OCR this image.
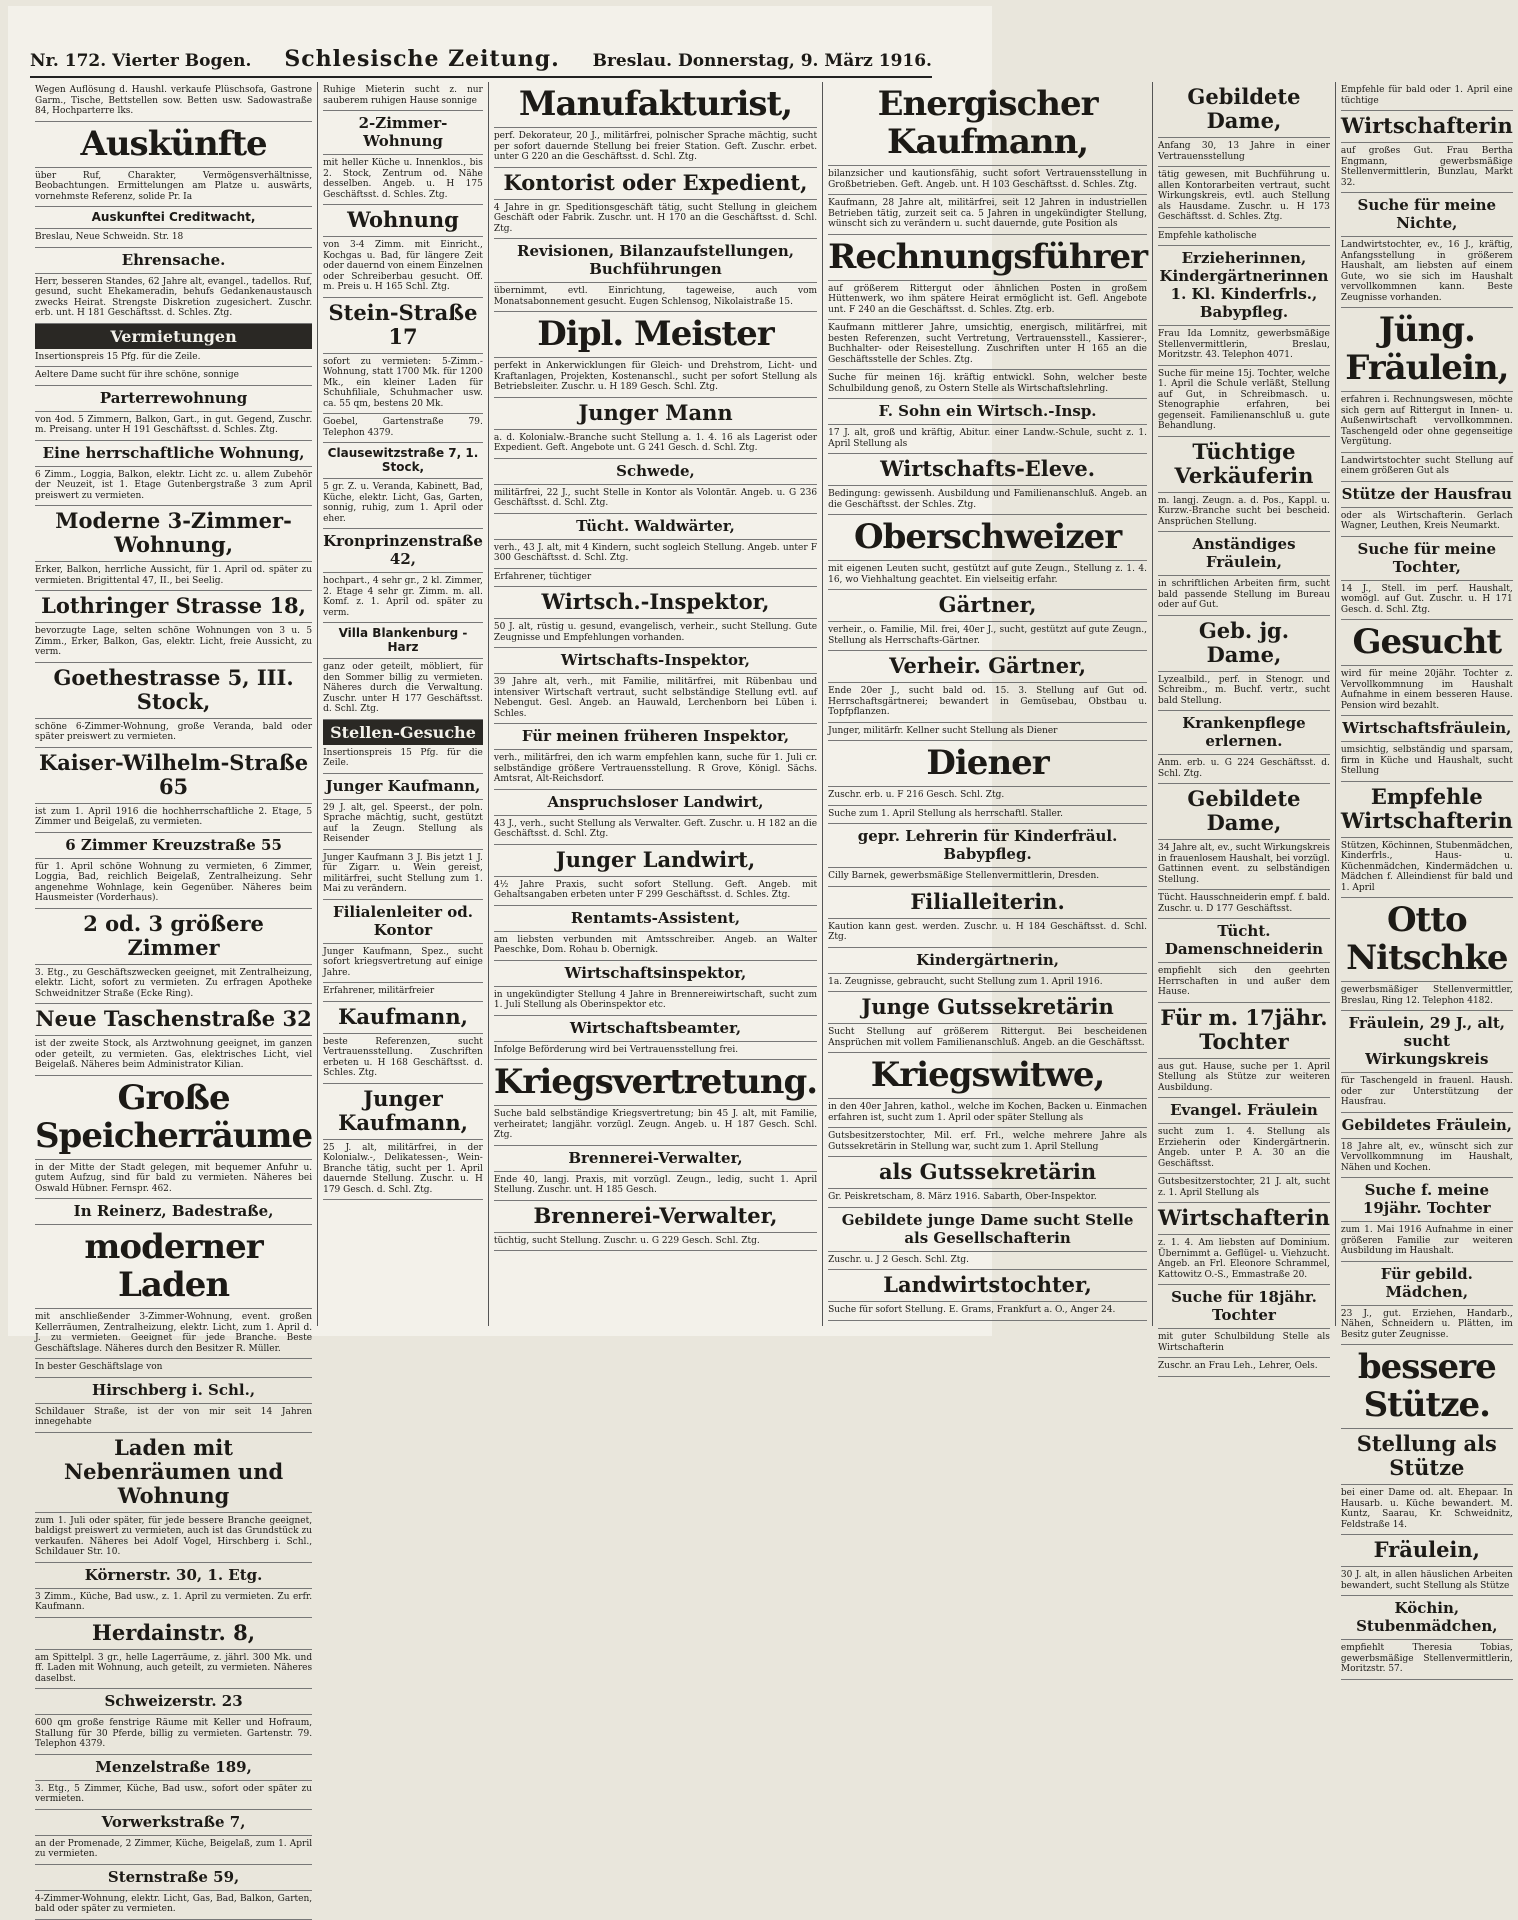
Nr. 172. Vierter Bogen. Schlesische Zeitung. Breslau. Donnerstag, 9. März 1916.
Wegen Auflösung d. Haushl. verkaufe Plüschsofa, Gastrone Garm., Tische, Bettstellen sow. Betten usw. Sadowastraße 84, Hochparterre lks.
Auskünfte
über Ruf, Charakter, Vermögensverhältnisse, Beobachtungen. Ermittelungen am Platze u. auswärts, vornehmste Referenz, solide Pr. Ia
Auskunftei Creditwacht,
Breslau, Neue Schweidn. Str. 18
Ehrensache.
Herr, besseren Standes, 62 Jahre alt, evangel., tadellos. Ruf, gesund, sucht Ehekameradin, behufs Gedankenaustausch zwecks Heirat. Strengste Diskretion zugesichert. Zuschr. erb. unt. H 181 Geschäftsst. d. Schles. Ztg.
Vermietungen
Insertionspreis 15 Pfg. für die Zeile.
Aeltere Dame sucht für ihre schöne, sonnige
Parterrewohnung
von 4od. 5 Zimmern, Balkon, Gart., in gut. Gegend, Zuschr. m. Preisang. unter H 191 Geschäftsst. d. Schles. Ztg.
Eine herrschaftliche Wohnung,
6 Zimm., Loggia, Balkon, elektr. Licht zc. u. allem Zubehör der Neuzeit, ist 1. Etage Gutenbergstraße 3 zum April preiswert zu vermieten.
Moderne 3-Zimmer-Wohnung,
Erker, Balkon, herrliche Aussicht, für 1. April od. später zu vermieten. Brigittental 47, II., bei Seelig.
Lothringer Strasse 18,
bevorzugte Lage, selten schöne Wohnungen von 3 u. 5 Zimm., Erker, Balkon, Gas, elektr. Licht, freie Aussicht, zu verm.
Goethestrasse 5, III. Stock,
schöne 6-Zimmer-Wohnung, große Veranda, bald oder später preiswert zu vermieten.
Kaiser-Wilhelm-Straße 65
ist zum 1. April 1916 die hochherrschaftliche 2. Etage, 5 Zimmer und Beigelaß, zu vermieten.
6 Zimmer Kreuzstraße 55
für 1. April schöne Wohnung zu vermieten, 6 Zimmer, Loggia, Bad, reichlich Beigelaß, Zentralheizung. Sehr angenehme Wohnlage, kein Gegenüber. Näheres beim Hausmeister (Vorderhaus).
2 od. 3 größere Zimmer
3. Etg., zu Geschäftszwecken geeignet, mit Zentralheizung, elektr. Licht, sofort zu vermieten. Zu erfragen Apotheke Schweidnitzer Straße (Ecke Ring).
Neue Taschenstraße 32
ist der zweite Stock, als Arztwohnung geeignet, im ganzen oder geteilt, zu vermieten. Gas, elektrisches Licht, viel Beigelaß. Näheres beim Administrator Kilian.
Große Speicherräume
in der Mitte der Stadt gelegen, mit bequemer Anfuhr u. gutem Aufzug, sind für bald zu vermieten. Näheres bei Oswald Hübner. Fernspr. 462.
In Reinerz, Badestraße,
moderner Laden
mit anschließender 3-Zimmer-Wohnung, event. großen Kellerräumen, Zentralheizung, elektr. Licht, zum 1. April d. J. zu vermieten. Geeignet für jede Branche. Beste Geschäftslage. Näheres durch den Besitzer R. Müller.
In bester Geschäftslage von
Hirschberg i. Schl.,
Schildauer Straße, ist der von mir seit 14 Jahren innegehabte
Laden mit Nebenräumen und Wohnung
zum 1. Juli oder später, für jede bessere Branche geeignet, baldigst preiswert zu vermieten, auch ist das Grundstück zu verkaufen. Näheres bei Adolf Vogel, Hirschberg i. Schl., Schildauer Str. 10.
Körnerstr. 30, 1. Etg.
3 Zimm., Küche, Bad usw., z. 1. April zu vermieten. Zu erfr. Kaufmann.
Herdainstr. 8,
am Spittelpl. 3 gr., helle Lagerräume, z. jährl. 300 Mk. und ff. Laden mit Wohnung, auch geteilt, zu vermieten. Näheres daselbst.
Schweizerstr. 23
600 qm große fenstrige Räume mit Keller und Hofraum, Stallung für 30 Pferde, billig zu vermieten. Gartenstr. 79. Telephon 4379.
Menzelstraße 189,
3. Etg., 5 Zimmer, Küche, Bad usw., sofort oder später zu vermieten.
Vorwerkstraße 7,
an der Promenade, 2 Zimmer, Küche, Beigelaß, zum 1. April zu vermieten.
Sternstraße 59,
4-Zimmer-Wohnung, elektr. Licht, Gas, Bad, Balkon, Garten, bald oder später zu vermieten.
Ruhige Mieterin sucht z. nur sauberem ruhigen Hause sonnige
2-Zimmer-Wohnung
mit heller Küche u. Innenklos., bis 2. Stock, Zentrum od. Nähe desselben. Angeb. u. H 175 Geschäftsst. d. Schles. Ztg.
Wohnung
von 3-4 Zimm. mit Einricht., Kochgas u. Bad, für längere Zeit oder dauernd von einem Einzelnen oder Schreiberbau gesucht. Off. m. Preis u. H 165 Schl. Ztg.
Stein-Straße 17
sofort zu vermieten: 5-Zimm.-Wohnung, statt 1700 Mk. für 1200 Mk., ein kleiner Laden für Schuhfiliale, Schuhmacher usw. ca. 55 qm, bestens 20 Mk.
Goebel, Gartenstraße 79. Telephon 4379.
Clausewitzstraße 7, 1. Stock,
5 gr. Z. u. Veranda, Kabinett, Bad, Küche, elektr. Licht, Gas, Garten, sonnig, ruhig, zum 1. April oder eher.
Kronprinzenstraße 42,
hochpart., 4 sehr gr., 2 kl. Zimmer, 2. Etage 4 sehr gr. Zimm. m. all. Komf. z. 1. April od. später zu verm.
Villa Blankenburg - Harz
ganz oder geteilt, möbliert, für den Sommer billig zu vermieten. Näheres durch die Verwaltung. Zuschr. unter H 177 Geschäftsst. d. Schl. Ztg.
Stellen-Gesuche
Insertionspreis 15 Pfg. für die Zeile.
Junger Kaufmann,
29 J. alt, gel. Speerst., der poln. Sprache mächtig, sucht, gestützt auf la Zeugn. Stellung als Reisender
Junger Kaufmann 3 J. Bis jetzt 1 J. für Zigarr. u. Wein gereist, militärfrei, sucht Stellung zum 1. Mai zu verändern.
Filialenleiter od. Kontor
Junger Kaufmann, Spez., sucht sofort kriegsvertretung auf einige Jahre.
Erfahrener, militärfreier
Kaufmann,
beste Referenzen, sucht Vertrauensstellung. Zuschriften erbeten u. H 168 Geschäftsst. d. Schles. Ztg.
Junger Kaufmann,
25 J. alt, militärfrei, in der Kolonialw.-, Delikatessen-, Wein-Branche tätig, sucht per 1. April dauernde Stellung. Zuschr. u. H 179 Gesch. d. Schl. Ztg.
Manufakturist,
perf. Dekorateur, 20 J., militärfrei, polnischer Sprache mächtig, sucht per sofort dauernde Stellung bei freier Station. Geft. Zuschr. erbet. unter G 220 an die Geschäftsst. d. Schl. Ztg.
Kontorist oder Expedient,
4 Jahre in gr. Speditionsgeschäft tätig, sucht Stellung in gleichem Geschäft oder Fabrik. Zuschr. unt. H 170 an die Geschäftsst. d. Schl. Ztg.
Revisionen, Bilanzaufstellungen, Buchführungen
übernimmt, evtl. Einrichtung, tageweise, auch vom Monatsabonnement gesucht. Eugen Schlensog, Nikolaistraße 15.
Dipl. Meister
perfekt in Ankerwicklungen für Gleich- und Drehstrom, Licht- und Kraftanlagen, Projekten, Kostenanschl., sucht per sofort Stellung als Betriebsleiter. Zuschr. u. H 189 Gesch. Schl. Ztg.
Junger Mann
a. d. Kolonialw.-Branche sucht Stellung a. 1. 4. 16 als Lagerist oder Expedient. Geft. Angebote unt. G 241 Gesch. d. Schl. Ztg.
Schwede,
militärfrei, 22 J., sucht Stelle in Kontor als Volontär. Angeb. u. G 236 Geschäftsst. d. Schl. Ztg.
Tücht. Waldwärter,
verh., 43 J. alt, mit 4 Kindern, sucht sogleich Stellung. Angeb. unter F 300 Geschäftsst. d. Schl. Ztg.
Erfahrener, tüchtiger
Wirtsch.-Inspektor,
50 J. alt, rüstig u. gesund, evangelisch, verheir., sucht Stellung. Gute Zeugnisse und Empfehlungen vorhanden.
Wirtschafts-Inspektor,
39 Jahre alt, verh., mit Familie, militärfrei, mit Rübenbau und intensiver Wirtschaft vertraut, sucht selbständige Stellung evtl. auf Nebengut. Gesl. Angeb. an Hauwald, Lerchenborn bei Lüben i. Schles.
Für meinen früheren Inspektor,
verh., militärfrei, den ich warm empfehlen kann, suche für 1. Juli cr. selbständige größere Vertrauensstellung. R Grove, Königl. Sächs. Amtsrat, Alt-Reichsdorf.
Anspruchsloser Landwirt,
43 J., verh., sucht Stellung als Verwalter. Geft. Zuschr. u. H 182 an die Geschäftsst. d. Schl. Ztg.
Junger Landwirt,
4½ Jahre Praxis, sucht sofort Stellung. Geft. Angeb. mit Gehaltsangaben erbeten unter F 299 Geschäftsst. d. Schles. Ztg.
Rentamts-Assistent,
am liebsten verbunden mit Amtsschreiber. Angeb. an Walter Paeschke, Dom. Rohau b. Obernigk.
Wirtschaftsinspektor,
in ungekündigter Stellung 4 Jahre in Brennereiwirtschaft, sucht zum 1. Juli Stellung als Oberinspektor etc.
Wirtschaftsbeamter,
Infolge Beförderung wird bei Vertrauensstellung frei.
Kriegsvertretung.
Suche bald selbständige Kriegsvertretung; bin 45 J. alt, mit Familie, verheiratet; langjähr. vorzügl. Zeugn. Angeb. u. H 187 Gesch. Schl. Ztg.
Brennerei-Verwalter,
Ende 40, langj. Praxis, mit vorzügl. Zeugn., ledig, sucht 1. April Stellung. Zuschr. unt. H 185 Gesch.
Brennerei-Verwalter,
tüchtig, sucht Stellung. Zuschr. u. G 229 Gesch. Schl. Ztg.
Energischer Kaufmann,
bilanzsicher und kautionsfähig, sucht sofort Vertrauensstellung in Großbetrieben. Geft. Angeb. unt. H 103 Geschäftsst. d. Schles. Ztg.
Kaufmann, 28 Jahre alt, militärfrei, seit 12 Jahren in industriellen Betrieben tätig, zurzeit seit ca. 5 Jahren in ungekündigter Stellung, wünscht sich zu verändern u. sucht dauernde, gute Position als
Rechnungsführer
auf größerem Rittergut oder ähnlichen Posten in großem Hüttenwerk, wo ihm spätere Heirat ermöglicht ist. Gefl. Angebote unt. F 240 an die Geschäftsst. d. Schles. Ztg. erb.
Kaufmann mittlerer Jahre, umsichtig, energisch, militärfrei, mit besten Referenzen, sucht Vertretung, Vertrauensstell., Kassierer-, Buchhalter- oder Reisestellung. Zuschriften unter H 165 an die Geschäftsstelle der Schles. Ztg.
Suche für meinen 16j. kräftig entwickl. Sohn, welcher beste Schulbildung genoß, zu Ostern Stelle als Wirtschaftslehrling.
F. Sohn ein Wirtsch.-Insp.
17 J. alt, groß und kräftig, Abitur. einer Landw.-Schule, sucht z. 1. April Stellung als
Wirtschafts-Eleve.
Bedingung: gewissenh. Ausbildung und Familienanschluß. Angeb. an die Geschäftsst. der Schles. Ztg.
Oberschweizer
mit eigenen Leuten sucht, gestützt auf gute Zeugn., Stellung z. 1. 4. 16, wo Viehhaltung geachtet. Ein vielseitig erfahr.
Gärtner,
verheir., o. Familie, Mil. frei, 40er J., sucht, gestützt auf gute Zeugn., Stellung als Herrschafts-Gärtner.
Verheir. Gärtner,
Ende 20er J., sucht bald od. 15. 3. Stellung auf Gut od. Herrschaftsgärtnerei; bewandert in Gemüsebau, Obstbau u. Topfpflanzen.
Junger, militärfr. Kellner sucht Stellung als Diener
Diener
Zuschr. erb. u. F 216 Gesch. Schl. Ztg.
Suche zum 1. April Stellung als herrschaftl. Staller.
gepr. Lehrerin für Kinderfräul. Babypfleg.
Cilly Barnek, gewerbsmäßige Stellenvermittlerin, Dresden.
Filialleiterin.
Kaution kann gest. werden. Zuschr. u. H 184 Geschäftsst. d. Schl. Ztg.
Kindergärtnerin,
1a. Zeugnisse, gebraucht, sucht Stellung zum 1. April 1916.
Junge Gutssekretärin
Sucht Stellung auf größerem Rittergut. Bei bescheidenen Ansprüchen mit vollem Familienanschluß. Angeb. an die Geschäftsst.
Kriegswitwe,
in den 40er Jahren, kathol., welche im Kochen, Backen u. Einmachen erfahren ist, sucht zum 1. April oder später Stellung als
Gutsbesitzerstochter, Mil. erf. Frl., welche mehrere Jahre als Gutssekretärin in Stellung war, sucht zum 1. April Stellung
als Gutssekretärin
Gr. Peiskretscham, 8. März 1916. Sabarth, Ober-Inspektor.
Gebildete junge Dame sucht Stelle als Gesellschafterin
Zuschr. u. J 2 Gesch. Schl. Ztg.
Landwirtstochter,
Suche für sofort Stellung. E. Grams, Frankfurt a. O., Anger 24.
Gebildete Dame,
Anfang 30, 13 Jahre in einer Vertrauensstellung
tätig gewesen, mit Buchführung u. allen Kontorarbeiten vertraut, sucht Wirkungskreis, evtl. auch Stellung als Hausdame. Zuschr. u. H 173 Geschäftsst. d. Schles. Ztg.
Empfehle katholische
Erzieherinnen, Kindergärtnerinnen 1. Kl. Kinderfrls., Babypfleg.
Frau Ida Lomnitz, gewerbsmäßige Stellenvermittlerin, Breslau, Moritzstr. 43. Telephon 4071.
Suche für meine 15j. Tochter, welche 1. April die Schule verläßt, Stellung auf Gut, in Schreibmasch. u. Stenographie erfahren, bei gegenseit. Familienanschluß u. gute Behandlung.
Tüchtige Verkäuferin
m. langj. Zeugn. a. d. Pos., Kappl. u. Kurzw.-Branche sucht bei bescheid. Ansprüchen Stellung.
Anständiges Fräulein,
in schriftlichen Arbeiten firm, sucht bald passende Stellung im Bureau oder auf Gut.
Geb. jg. Dame,
Lyzealbild., perf. in Stenogr. und Schreibm., m. Buchf. vertr., sucht bald Stellung.
Krankenpflege erlernen.
Anm. erb. u. G 224 Geschäftsst. d. Schl. Ztg.
Gebildete Dame,
34 Jahre alt, ev., sucht Wirkungskreis in frauenlosem Haushalt, bei vorzügl. Gattinnen event. zu selbständigen Stellung.
Tücht. Hausschneiderin empf. f. bald. Zuschr. u. D 177 Geschäftsst.
Tücht. Damenschneiderin
empfiehlt sich den geehrten Herrschaften in und außer dem Hause.
Für m. 17jähr. Tochter
aus gut. Hause, suche per 1. April Stellung als Stütze zur weiteren Ausbildung.
Evangel. Fräulein
sucht zum 1. 4. Stellung als Erzieherin oder Kindergärtnerin. Angeb. unter P. A. 30 an die Geschäftsst.
Gutsbesitzerstochter, 21 J. alt, sucht z. 1. April Stellung als
Wirtschafterin
z. 1. 4. Am liebsten auf Dominium. Übernimmt a. Geflügel- u. Viehzucht. Angeb. an Frl. Eleonore Schrammel, Kattowitz O.-S., Emmastraße 20.
Suche für 18jähr. Tochter
mit guter Schulbildung Stelle als Wirtschafterin
Zuschr. an Frau Leh., Lehrer, Oels.
Empfehle für bald oder 1. April eine tüchtige
Wirtschafterin
auf großes Gut. Frau Bertha Engmann, gewerbsmäßige Stellenvermittlerin, Bunzlau, Markt 32.
Suche für meine Nichte,
Landwirtstochter, ev., 16 J., kräftig, Anfangsstellung in größerem Haushalt, am liebsten auf einem Gute, wo sie sich im Haushalt vervollkommnen kann. Beste Zeugnisse vorhanden.
Jüng. Fräulein,
erfahren i. Rechnungswesen, möchte sich gern auf Rittergut in Innen- u. Außenwirtschaft vervollkommnen. Taschengeld oder ohne gegenseitige Vergütung.
Landwirtstochter sucht Stellung auf einem größeren Gut als
Stütze der Hausfrau
oder als Wirtschafterin. Gerlach Wagner, Leuthen, Kreis Neumarkt.
Suche für meine Tochter,
14 J., Stell. im perf. Haushalt, womögl. auf Gut. Zuschr. u. H 171 Gesch. d. Schl. Ztg.
Gesucht
wird für meine 20jähr. Tochter z. Vervollkommnung im Haushalt Aufnahme in einem besseren Hause. Pension wird bezahlt.
Wirtschaftsfräulein,
umsichtig, selbständig und sparsam, firm in Küche und Haushalt, sucht Stellung
Empfehle Wirtschafterin
Stützen, Köchinnen, Stubenmädchen, Kinderfrls., Haus- u. Küchenmädchen, Kindermädchen u. Mädchen f. Alleindienst für bald und 1. April
Otto Nitschke
gewerbsmäßiger Stellenvermittler, Breslau, Ring 12. Telephon 4182.
Fräulein, 29 J., alt, sucht Wirkungskreis
für Taschengeld in frauenl. Haush. oder zur Unterstützung der Hausfrau.
Gebildetes Fräulein,
18 Jahre alt, ev., wünscht sich zur Vervollkommnung im Haushalt, Nähen und Kochen.
Suche f. meine 19jähr. Tochter
zum 1. Mai 1916 Aufnahme in einer größeren Familie zur weiteren Ausbildung im Haushalt.
Für gebild. Mädchen,
23 J., gut. Erziehen, Handarb., Nähen, Schneidern u. Plätten, im Besitz guter Zeugnisse.
bessere Stütze.
Stellung als Stütze
bei einer Dame od. alt. Ehepaar. In Hausarb. u. Küche bewandert. M. Kuntz, Saarau, Kr. Schweidnitz, Feldstraße 14.
Fräulein,
30 J. alt, in allen häuslichen Arbeiten bewandert, sucht Stellung als Stütze
Köchin, Stubenmädchen,
empfiehlt Theresia Tobias, gewerbsmäßige Stellenvermittlerin, Moritzstr. 57.
